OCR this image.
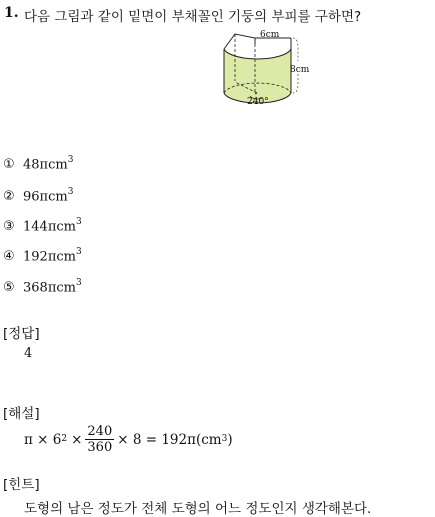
1. 다음 그림과 같이 밑면이 부채꼴인 기둥의 부피를 구하면?
6cm
8cm
240°
① 48πcm$^3$
② 96πcm$^3$
③ 144πcm$^3$
④ 192πcm$^3$
⑤ 368πcm$^3$
[정답]
4
[해설]
$\pi \times 6^2 \times \frac{240}{360} \times 8 = 192\pi(cm^3$ )
[힌트]
도형의 남은 정도가 전체 도형의 어느 정도인지 생각해본다.
